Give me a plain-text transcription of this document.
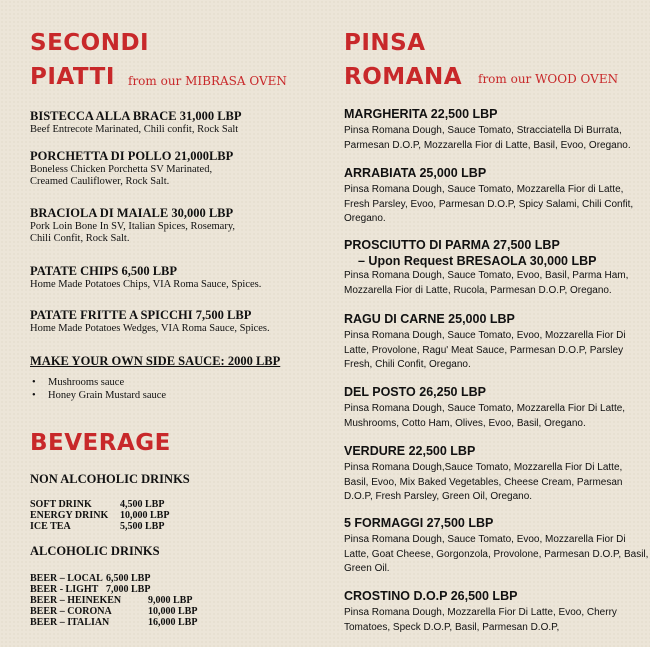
SECONDI
PIATTI from our MIBRASA OVEN
BISTECCA ALLA BRACE 31,000 LBP
Beef Entrecote Marinated, Chili confit, Rock Salt
PORCHETTA DI POLLO 21,000LBP
Boneless Chicken Porchetta SV Marinated,
Creamed Cauliflower, Rock Salt.
BRACIOLA DI MAIALE 30,000 LBP
Pork Loin Bone In SV, Italian Spices, Rosemary,
Chili Confit, Rock Salt.
PATATE CHIPS 6,500 LBP
Home Made Potatoes Chips, VIA Roma Sauce, Spices.
PATATE FRITTE A SPICCHI 7,500 LBP
Home Made Potatoes Wedges, VIA Roma Sauce, Spices.
MAKE YOUR OWN SIDE SAUCE: 2000 LBP
• Mushrooms sauce
• Honey Grain Mustard sauce
BEVERAGE
NON ALCOHOLIC DRINKS
SOFT DRINK	4,500 LBP
ENERGY DRINK 10,000 LBP
ICE TEA	5,500 LBP
ALCOHOLIC DRINKS
BEER – LOCAL 6,500 LBP
BEER - LIGHT 7,000 LBP
BEER – HEINEKEN	9,000 LBP
BEER – CORONA	10,000 LBP
BEER – ITALIAN	16,000 LBP
PINSA
ROMANA from our WOOD OVEN
MARGHERITA 22,500 LBP
Pinsa Romana Dough, Sauce Tomato, Stracciatella Di Burrata,
Parmesan D.O.P, Mozzarella Fior di Latte, Basil, Evoo, Oregano.
ARRABIATA 25,000 LBP
Pinsa Romana Dough, Sauce Tomato, Mozzarella Fior di Latte,
Fresh Parsley, Evoo, Parmesan D.O.P, Spicy Salami, Chili Confit,
Oregano.
PROSCIUTTO DI PARMA 27,500 LBP
– Upon Request BRESAOLA 30,000 LBP
Pinsa Romana Dough, Sauce Tomato, Evoo, Basil, Parma Ham,
Mozzarella Fior di Latte, Rucola, Parmesan D.O.P, Oregano.
RAGU DI CARNE 25,000 LBP
Pinsa Romana Dough, Sauce Tomato, Evoo, Mozzarella Fior Di
Latte, Provolone, Ragu' Meat Sauce, Parmesan D.O.P, Parsley
Fresh, Chili Confit, Oregano.
DEL POSTO 26,250 LBP
Pinsa Romana Dough, Sauce Tomato, Mozzarella Fior Di Latte,
Mushrooms, Cotto Ham, Olives, Evoo, Basil, Oregano.
VERDURE 22,500 LBP
Pinsa Romana Dough,Sauce Tomato, Mozzarella Fior Di Latte,
Basil, Evoo, Mix Baked Vegetables, Cheese Cream, Parmesan
D.O.P, Fresh Parsley, Green Oil, Oregano.
5 FORMAGGI 27,500 LBP
Pinsa Romana Dough, Sauce Tomato, Evoo, Mozzarella Fior Di
Latte, Goat Cheese, Gorgonzola, Provolone, Parmesan D.O.P, Basil,
Green Oil.
CROSTINO D.O.P 26,500 LBP
Pinsa Romana Dough, Mozzarella Fior Di Latte, Evoo, Cherry
Tomatoes, Speck D.O.P, Basil, Parmesan D.O.P,
